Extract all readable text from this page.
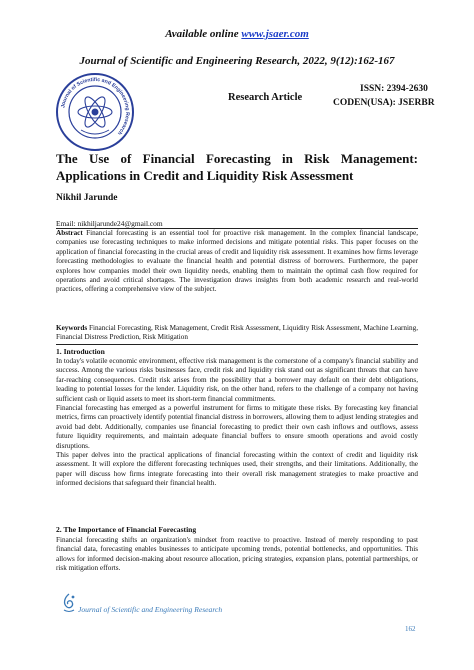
Available online www.jsaer.com
Journal of Scientific and Engineering Research, 2022, 9(12):162-167
Journal of Scientific and Engineering Research
Research Article
ISSN: 2394-2630
CODEN(USA): JSERBR
The Use of Financial Forecasting in Risk Management:
Applications in Credit and Liquidity Risk Assessment
Nikhil Jarunde
Email: nikhiljarunde24@gmail.com
Abstract Financial forecasting is an essential tool for proactive risk management. In the complex financial landscape, companies use forecasting techniques to make informed decisions and mitigate potential risks. This paper focuses on the application of financial forecasting in the crucial areas of credit and liquidity risk assessment. It examines how firms leverage forecasting methodologies to evaluate the financial health and potential distress of borrowers. Furthermore, the paper explores how companies model their own liquidity needs, enabling them to maintain the optimal cash flow required for operations and avoid critical shortages. The investigation draws insights from both academic research and real-world practices, offering a comprehensive view of the subject.
Keywords Financial Forecasting, Risk Management, Credit Risk Assessment, Liquidity Risk Assessment, Machine Learning, Financial Distress Prediction, Risk Mitigation
1. Introduction
In today's volatile economic environment, effective risk management is the cornerstone of a company's financial stability and success. Among the various risks businesses face, credit risk and liquidity risk stand out as significant threats that can have far-reaching consequences. Credit risk arises from the possibility that a borrower may default on their debt obligations, leading to potential losses for the lender. Liquidity risk, on the other hand, refers to the challenge of a company not having sufficient cash or liquid assets to meet its short-term financial commitments.
Financial forecasting has emerged as a powerful instrument for firms to mitigate these risks. By forecasting key financial metrics, firms can proactively identify potential financial distress in borrowers, allowing them to adjust lending strategies and avoid bad debt. Additionally, companies use financial forecasting to predict their own cash inflows and outflows, assess future liquidity requirements, and maintain adequate financial buffers to ensure smooth operations and avoid costly disruptions.
This paper delves into the practical applications of financial forecasting within the context of credit and liquidity risk assessment. It will explore the different forecasting techniques used, their strengths, and their limitations. Additionally, the paper will discuss how firms integrate forecasting into their overall risk management strategies to make proactive and informed decisions that safeguard their financial health.
2. The Importance of Financial Forecasting
Financial forecasting shifts an organization's mindset from reactive to proactive. Instead of merely responding to past financial data, forecasting enables businesses to anticipate upcoming trends, potential bottlenecks, and opportunities. This allows for informed decision-making about resource allocation, pricing strategies, expansion plans, potential partnerships, or risk mitigation efforts.
Journal of Scientific and Engineering Research
162
